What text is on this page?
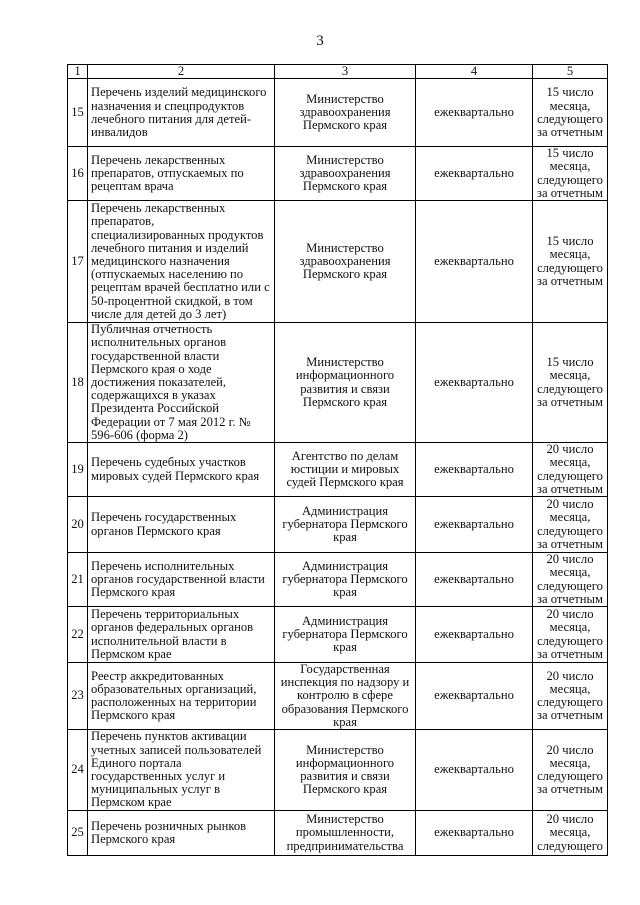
3
1	2	3	4	5
15	Перечень изделий медицинского назначения и спецпродуктов лечебного питания для детей-инвалидов	Министерство здравоохранения Пермского края	ежеквартально	15 число месяца, следующего за отчетным
16	Перечень лекарственных препаратов, отпускаемых по рецептам врача	Министерство здравоохранения Пермского края	ежеквартально	15 число месяца, следующего за отчетным
17	Перечень лекарственных препаратов, специализированных продуктов лечебного питания и изделий медицинского назначения (отпускаемых населению по рецептам врачей бесплатно или с 50-процентной скидкой, в том числе для детей до 3 лет)	Министерство здравоохранения Пермского края	ежеквартально	15 число месяца, следующего за отчетным
18	Публичная отчетность исполнительных органов государственной власти Пермского края о ходе достижения показателей, содержащихся в указах Президента Российской Федерации от 7 мая 2012 г. № 596-606 (форма 2)	Министерство информационного развития и связи Пермского края	ежеквартально	15 число месяца, следующего за отчетным
19	Перечень судебных участков мировых судей Пермского края	Агентство по делам юстиции и мировых судей Пермского края	ежеквартально	20 число месяца, следующего за отчетным
20	Перечень государственных органов Пермского края	Администрация губернатора Пермского края	ежеквартально	20 число месяца, следующего за отчетным
21	Перечень исполнительных органов государственной власти Пермского края	Администрация губернатора Пермского края	ежеквартально	20 число месяца, следующего за отчетным
22	Перечень территориальных органов федеральных органов исполнительной власти в Пермском крае	Администрация губернатора Пермского края	ежеквартально	20 число месяца, следующего за отчетным
23	Реестр аккредитованных образовательных организаций, расположенных на территории Пермского края	Государственная инспекция по надзору и контролю в сфере образования Пермского края	ежеквартально	20 число месяца, следующего за отчетным
24	Перечень пунктов активации учетных записей пользователей Единого портала государственных услуг и муниципальных услуг в Пермском крае	Министерство информационного развития и связи Пермского края	ежеквартально	20 число месяца, следующего за отчетным
25	Перечень розничных рынков Пермского края	Министерство промышленности, предпринимательства	ежеквартально	20 число месяца, следующего
